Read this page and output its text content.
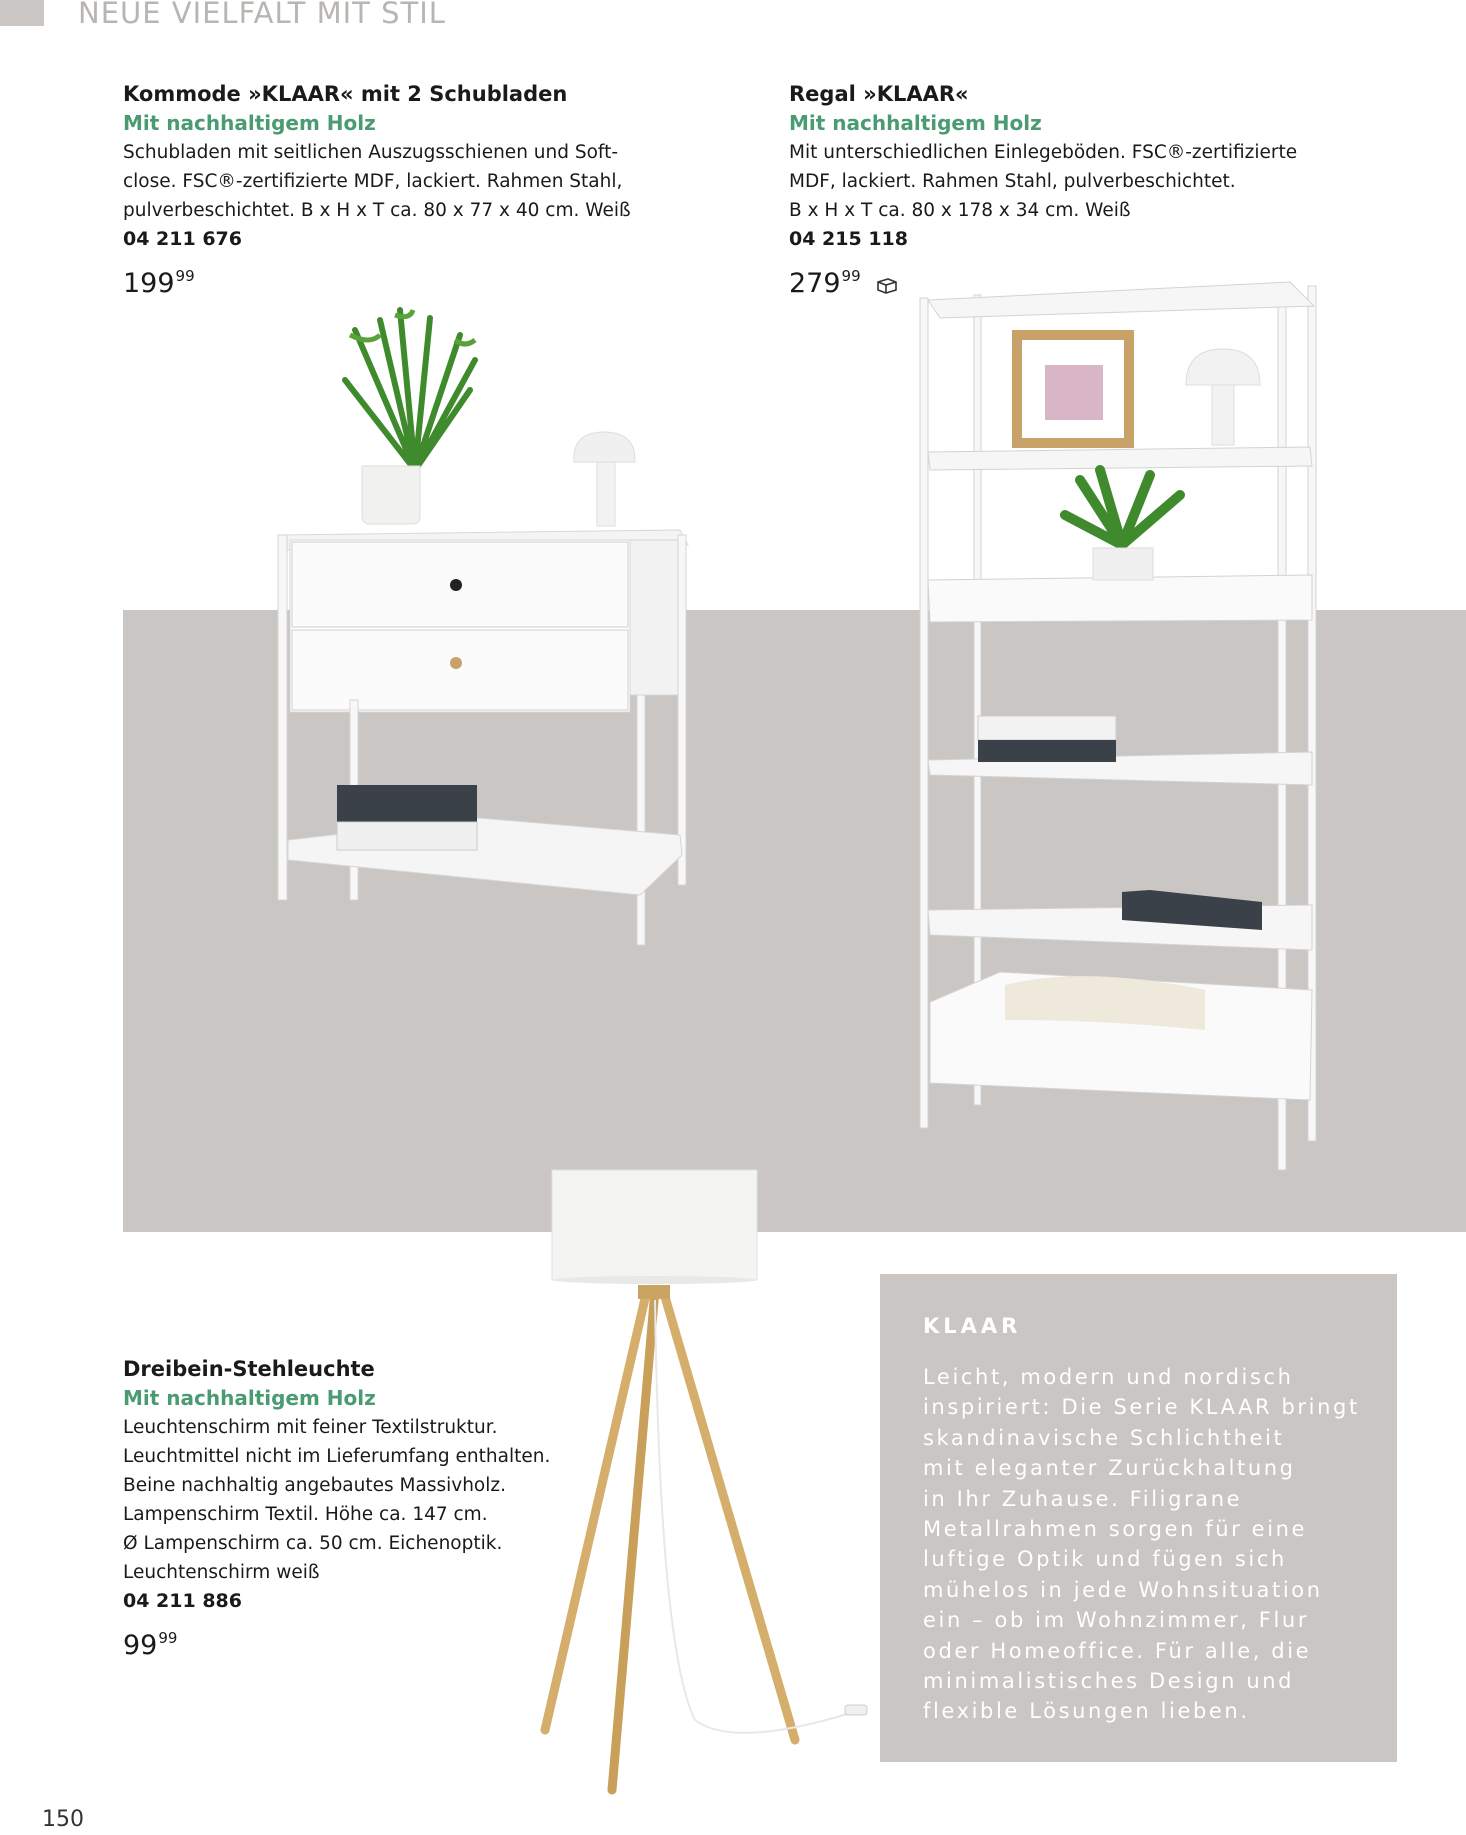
NEUE VIELFALT MIT STIL
Kommode »KLAAR« mit 2 Schubladen
Mit nachhaltigem Holz
Schubladen mit seitlichen Auszugsschienen und Soft-
close. FSC®-zertifizierte MDF, lackiert. Rahmen Stahl,
pulverbeschichtet. B x H x T ca. 80 x 77 x 40 cm. Weiß
04 211 676
$199^{99}$
Regal »KLAAR«
Mit nachhaltigem Holz
Mit unterschiedlichen Einlegeböden. FSC®-zertifizierte
MDF, lackiert. Rahmen Stahl, pulverbeschichtet.
B x H x T ca. 80 x 178 x 34 cm. Weiß
04 215 118
$279^{99}$
Dreibein-Stehleuchte
Mit nachhaltigem Holz
Leuchtenschirm mit feiner Textilstruktur.
Leuchtmittel nicht im Lieferumfang enthalten.
Beine nachhaltig angebautes Massivholz.
Lampenschirm Textil. Höhe ca. 147 cm.
Ø Lampenschirm ca. 50 cm. Eichenoptik.
Leuchtenschirm weiß
04 211 886
$99^{99}$
KLAAR
Leicht, modern und nordisch
inspiriert: Die Serie KLAAR bringt
skandinavische Schlichtheit
mit eleganter Zurückhaltung
in Ihr Zuhause. Filigrane
Metallrahmen sorgen für eine
luftige Optik und fügen sich
mühelos in jede Wohnsituation
ein – ob im Wohnzimmer, Flur
oder Homeoffice. Für alle, die
minimalistisches Design und
flexible Lösungen lieben.
150
